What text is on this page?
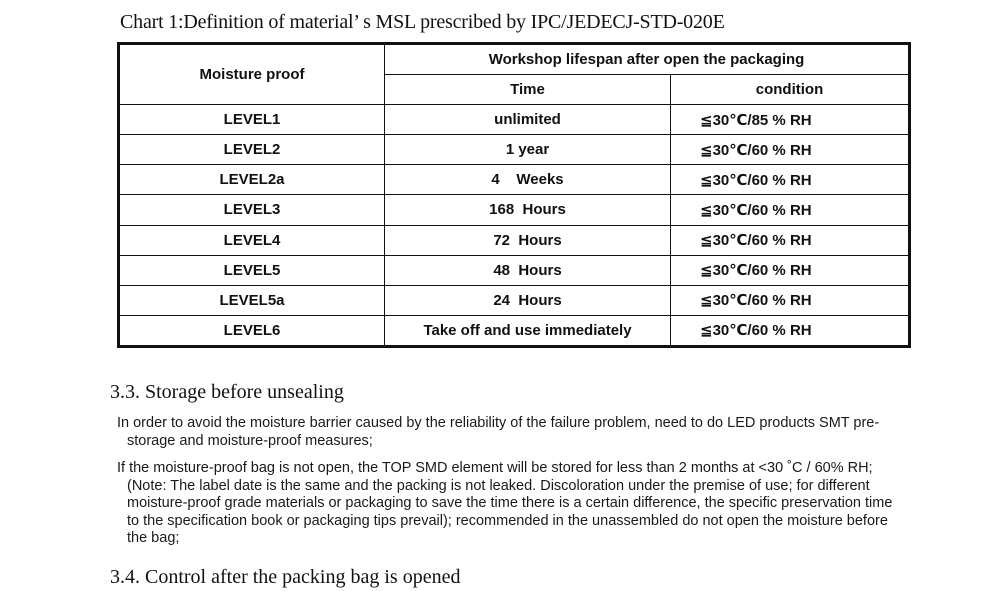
Chart 1:Definition of material’ s MSL prescribed by IPC/JEDECJ-STD-020E
Moisture proof	Workshop lifespan after open the packaging	
	Time	condition
LEVEL1	unlimited	≦30℃/85 % RH
LEVEL2	1 year	≦30℃/60 % RH
LEVEL2a	4    Weeks	≦30℃/60 % RH
LEVEL3	168  Hours	≦30℃/60 % RH
LEVEL4	72  Hours	≦30℃/60 % RH
LEVEL5	48  Hours	≦30℃/60 % RH
LEVEL5a	24  Hours	≦30℃/60 % RH
LEVEL6	Take off and use immediately	≦30℃/60 % RH
3.3. Storage before unsealing
In order to avoid the moisture barrier caused by the reliability of the failure problem, need to do LED products SMT pre-
storage and moisture-proof measures;
If the moisture-proof bag is not open, the TOP SMD element will be stored for less than 2 months at <30 ˚C / 60% RH;
(Note: The label date is the same and the packing is not leaked. Discoloration under the premise of use; for different
moisture-proof grade materials or packaging to save the time there is a certain difference, the specific preservation time
to the specification book or packaging tips prevail); recommended in the unassembled do not open the moisture before
the bag;
3.4. Control after the packing bag is opened
